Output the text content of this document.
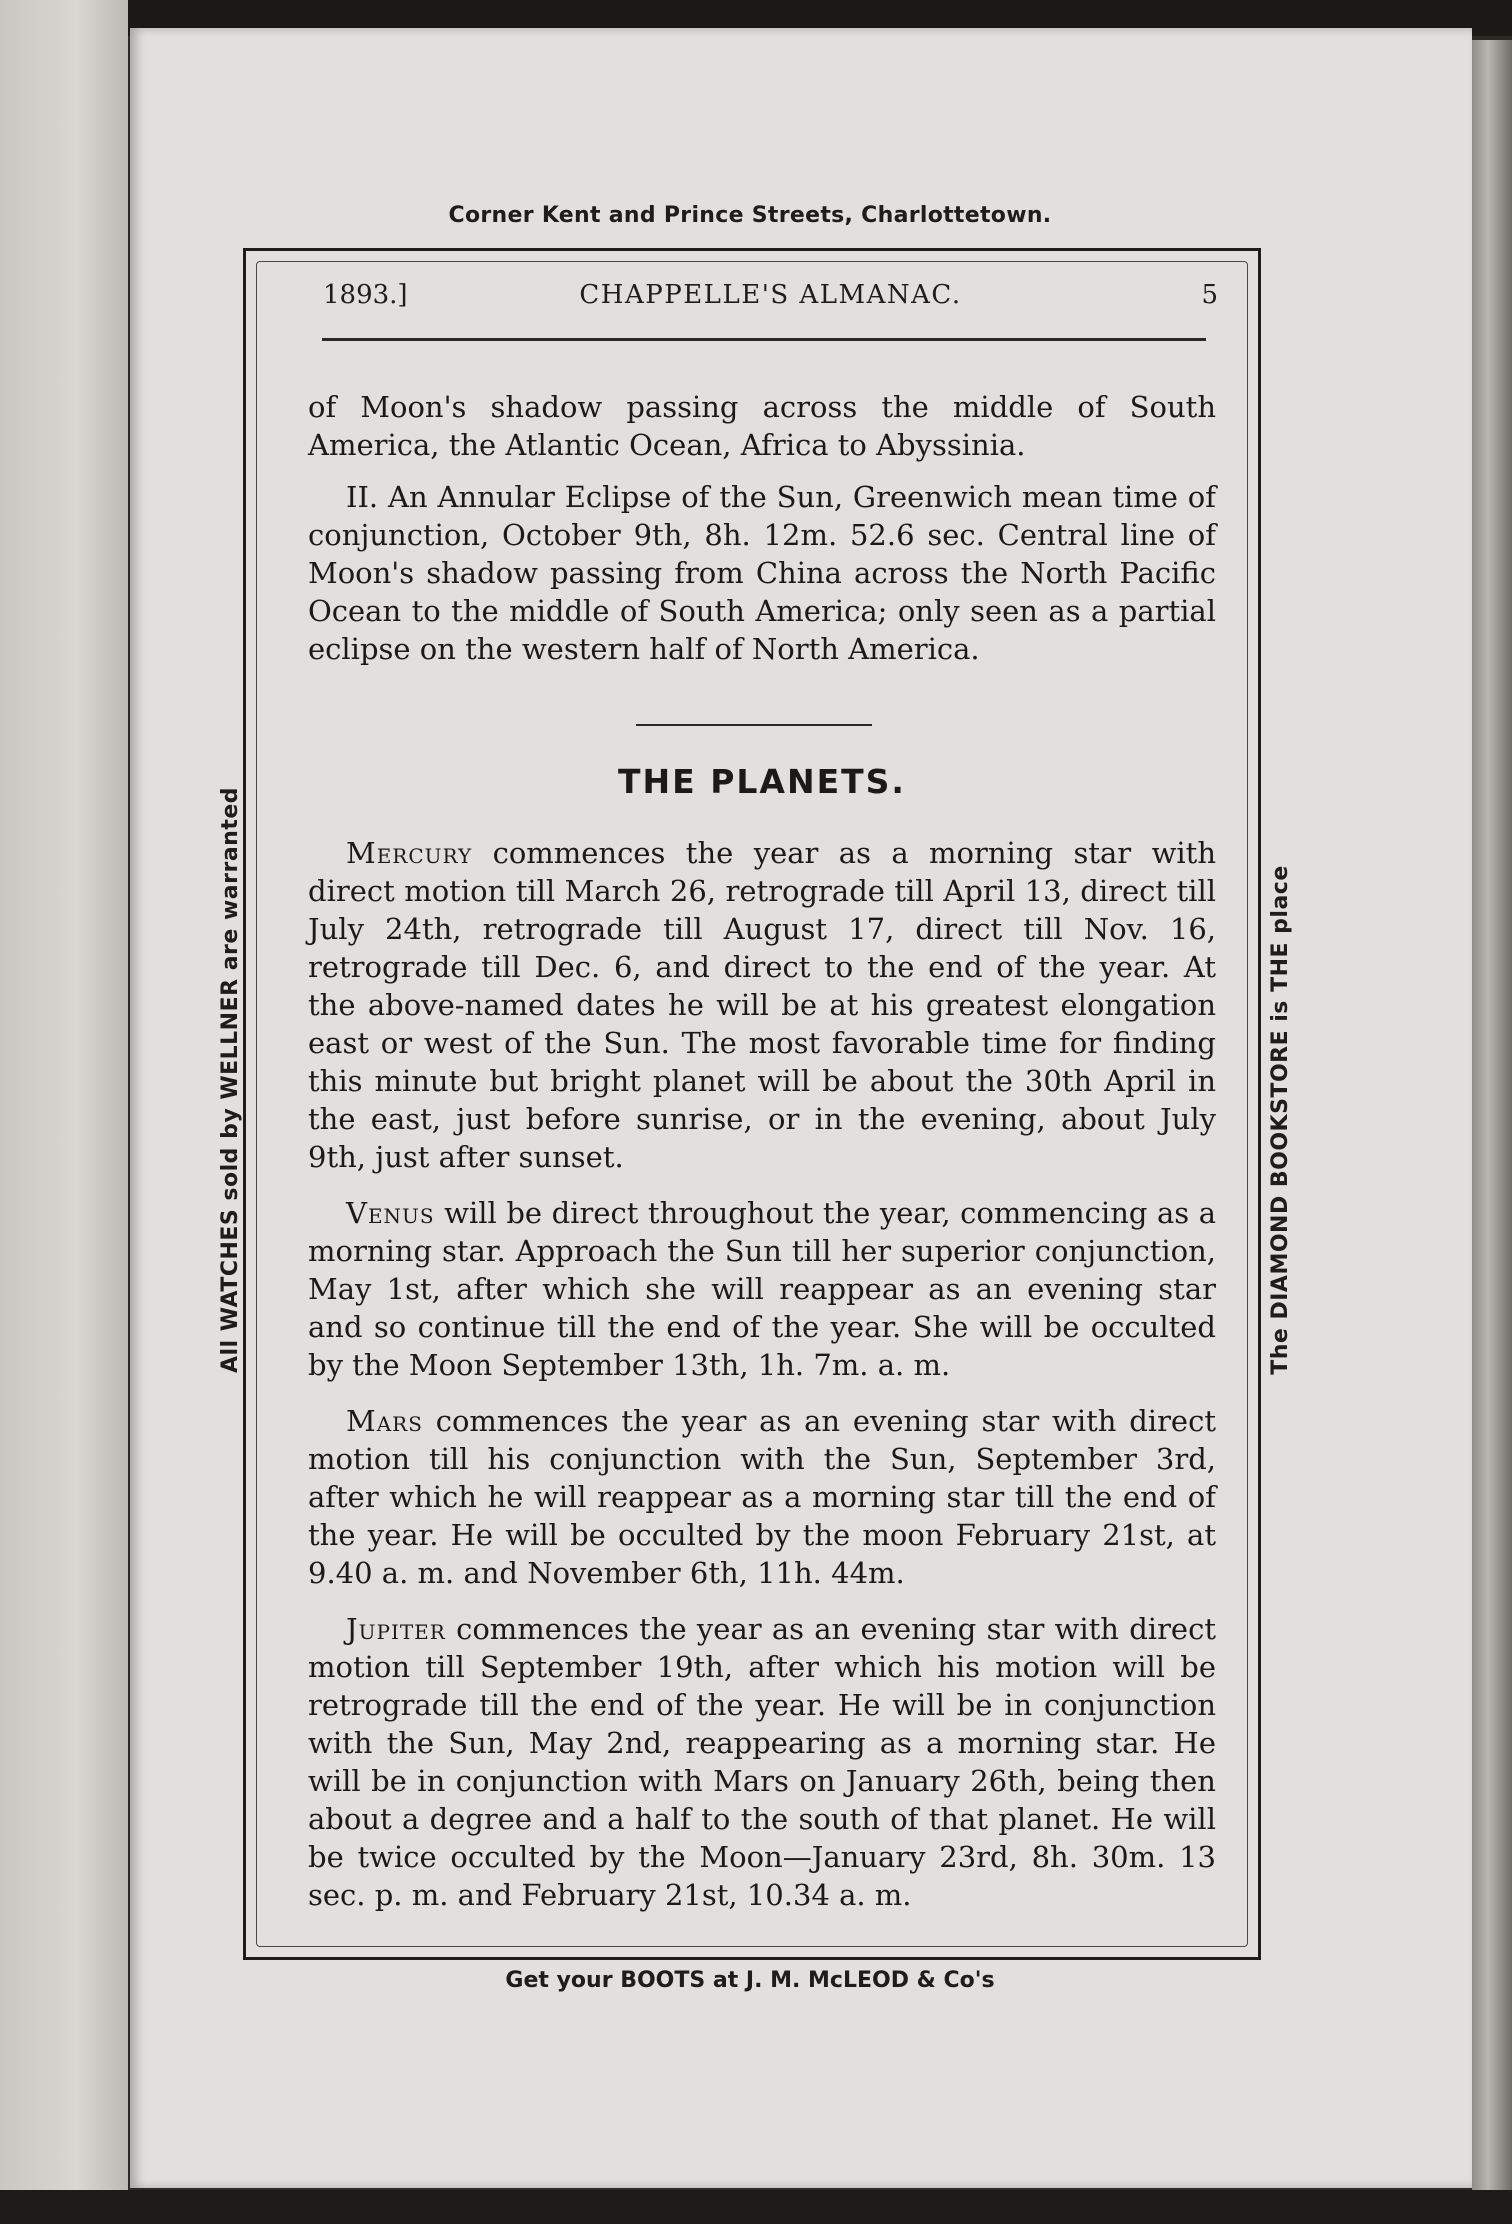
Corner Kent and Prince Streets, Charlottetown.
All WATCHES sold by WELLNER are warranted	The DIAMOND BOOKSTORE is THE place
1893.]	CHAPPELLE'S ALMANAC.	5

of Moon's shadow passing across the middle of South America, the Atlantic Ocean, Africa to Abyssinia.

II. An Annular Eclipse of the Sun, Greenwich mean time of conjunction, October 9th, 8h. 12m. 52.6 sec. Central line of Moon's shadow passing from China across the North Pacific Ocean to the middle of South America; only seen as a partial eclipse on the western half of North America.

THE PLANETS.

Mercury commences the year as a morning star with direct motion till March 26, retrograde till April 13, direct till July 24th, retrograde till August 17, direct till Nov. 16, retrograde till Dec. 6, and direct to the end of the year. At the above-named dates he will be at his greatest elongation east or west of the Sun. The most favorable time for finding this minute but bright planet will be about the 30th April in the east, just before sunrise, or in the evening, about July 9th, just after sunset.

Venus will be direct throughout the year, commencing as a morning star. Approach the Sun till her superior conjunction, May 1st, after which she will reappear as an evening star and so continue till the end of the year. She will be occulted by the Moon September 13th, 1h. 7m. a. m.

Mars commences the year as an evening star with direct motion till his conjunction with the Sun, September 3rd, after which he will reappear as a morning star till the end of the year. He will be occulted by the moon February 21st, at 9.40 a. m. and November 6th, 11h. 44m.

Jupiter commences the year as an evening star with direct motion till September 19th, after which his motion will be retrograde till the end of the year. He will be in conjunction with the Sun, May 2nd, reappearing as a morning star. He will be in conjunction with Mars on January 26th, being then about a degree and a half to the south of that planet. He will be twice occulted by the Moon—January 23rd, 8h. 30m. 13 sec. p. m. and February 21st, 10.34 a. m.

Get your BOOTS at J. M. McLEOD & Co's
